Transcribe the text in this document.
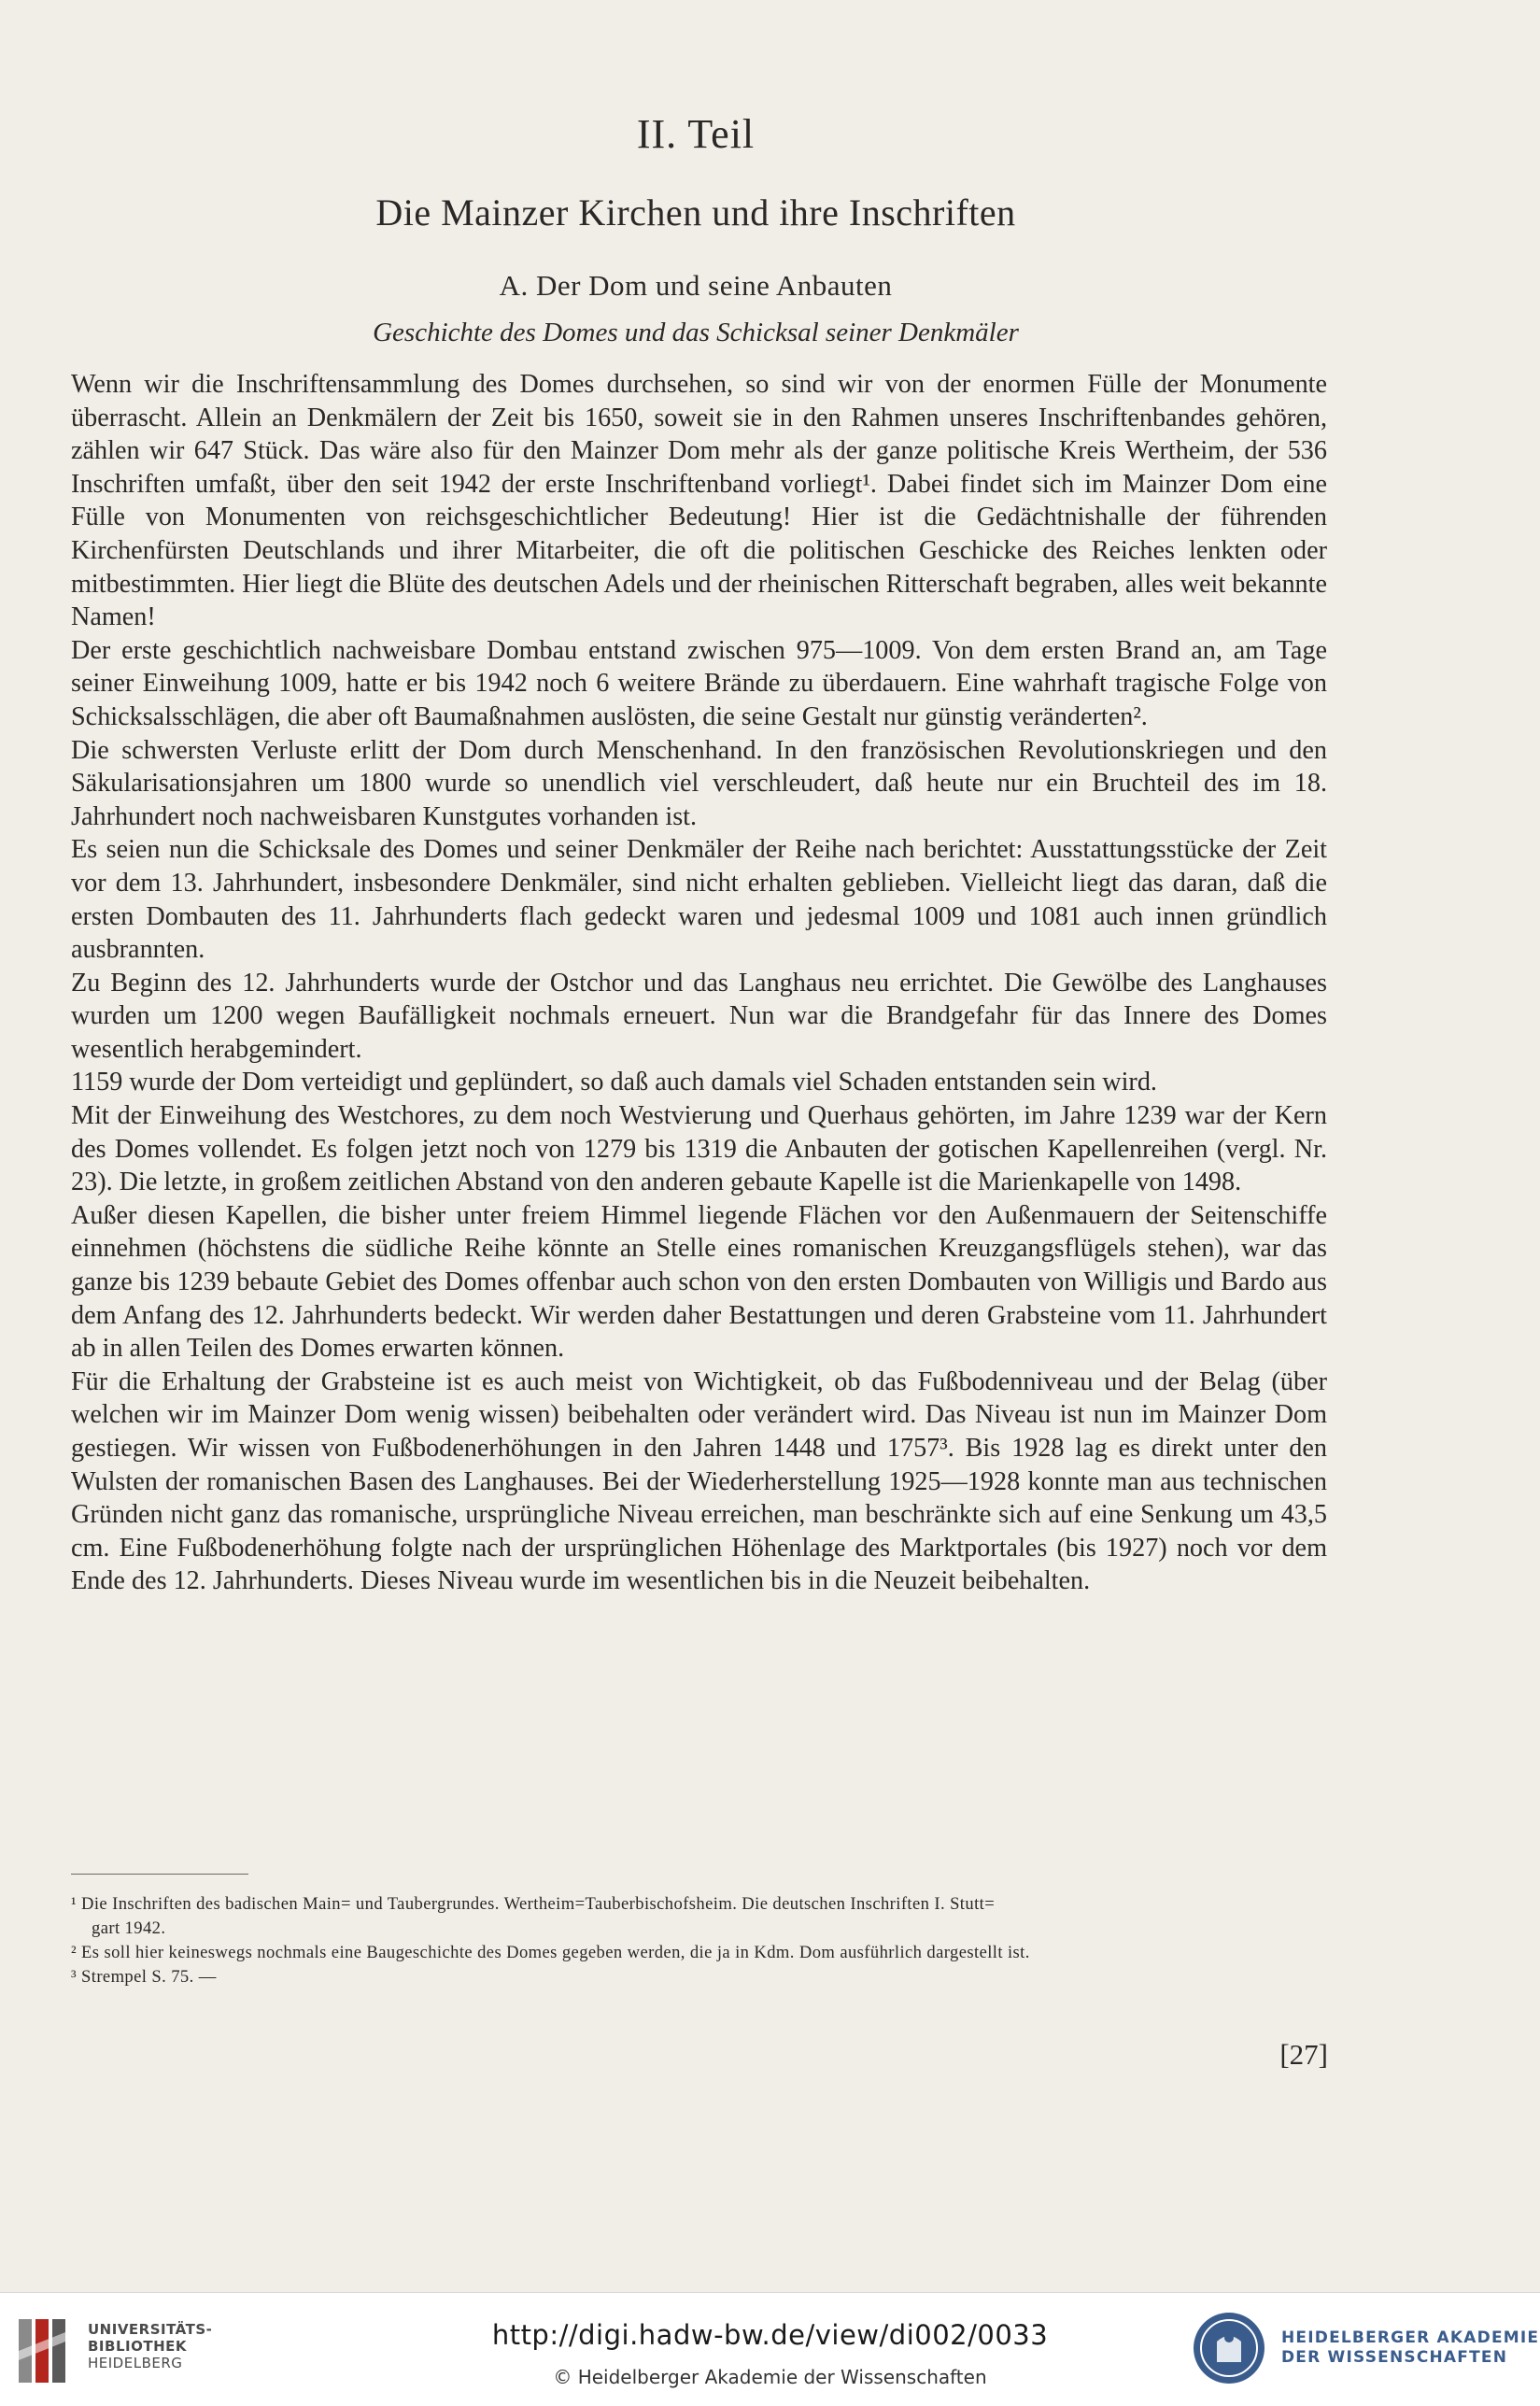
II. Teil
Die Mainzer Kirchen und ihre Inschriften
A. Der Dom und seine Anbauten
Geschichte des Domes und das Schicksal seiner Denkmäler

Wenn wir die Inschriftensammlung des Domes durchsehen, so sind wir von der enormen Fülle der Monumente überrascht. Allein an Denkmälern der Zeit bis 1650, soweit sie in den Rahmen unseres Inschriftenbandes gehören, zählen wir 647 Stück. Das wäre also für den Mainzer Dom mehr als der ganze politische Kreis Wertheim, der 536 Inschriften umfaßt, über den seit 1942 der erste Inschriftenband vorliegt¹. Dabei findet sich im Mainzer Dom eine Fülle von Monumenten von reichsgeschichtlicher Bedeutung! Hier ist die Gedächtnishalle der führenden Kirchenfürsten Deutschlands und ihrer Mitarbeiter, die oft die politischen Geschicke des Reiches lenkten oder mitbestimmten. Hier liegt die Blüte des deutschen Adels und der rheinischen Ritterschaft begraben, alles weit bekannte Namen!

Der erste geschichtlich nachweisbare Dombau entstand zwischen 975—1009. Von dem ersten Brand an, am Tage seiner Einweihung 1009, hatte er bis 1942 noch 6 weitere Brände zu überdauern. Eine wahrhaft tragische Folge von Schicksalsschlägen, die aber oft Baumaßnahmen auslösten, die seine Gestalt nur günstig veränderten².

Die schwersten Verluste erlitt der Dom durch Menschenhand. In den französischen Revolutionskriegen und den Säkularisationsjahren um 1800 wurde so unendlich viel verschleudert, daß heute nur ein Bruchteil des im 18. Jahrhundert noch nachweisbaren Kunstgutes vorhanden ist.

Es seien nun die Schicksale des Domes und seiner Denkmäler der Reihe nach berichtet: Ausstattungsstücke der Zeit vor dem 13. Jahrhundert, insbesondere Denkmäler, sind nicht erhalten geblieben. Vielleicht liegt das daran, daß die ersten Dombauten des 11. Jahrhunderts flach gedeckt waren und jedesmal 1009 und 1081 auch innen gründlich ausbrannten.

Zu Beginn des 12. Jahrhunderts wurde der Ostchor und das Langhaus neu errichtet. Die Gewölbe des Langhauses wurden um 1200 wegen Baufälligkeit nochmals erneuert. Nun war die Brandgefahr für das Innere des Domes wesentlich herabgemindert.

1159 wurde der Dom verteidigt und geplündert, so daß auch damals viel Schaden entstanden sein wird.

Mit der Einweihung des Westchores, zu dem noch Westvierung und Querhaus gehörten, im Jahre 1239 war der Kern des Domes vollendet. Es folgen jetzt noch von 1279 bis 1319 die Anbauten der gotischen Kapellenreihen (vergl. Nr. 23). Die letzte, in großem zeitlichen Abstand von den anderen gebaute Kapelle ist die Marienkapelle von 1498.

Außer diesen Kapellen, die bisher unter freiem Himmel liegende Flächen vor den Außenmauern der Seitenschiffe einnehmen (höchstens die südliche Reihe könnte an Stelle eines romanischen Kreuzgangsflügels stehen), war das ganze bis 1239 bebaute Gebiet des Domes offenbar auch schon von den ersten Dombauten von Willigis und Bardo aus dem Anfang des 12. Jahrhunderts bedeckt. Wir werden daher Bestattungen und deren Grabsteine vom 11. Jahrhundert ab in allen Teilen des Domes erwarten können.

Für die Erhaltung der Grabsteine ist es auch meist von Wichtigkeit, ob das Fußbodenniveau und der Belag (über welchen wir im Mainzer Dom wenig wissen) beibehalten oder verändert wird. Das Niveau ist nun im Mainzer Dom gestiegen. Wir wissen von Fußbodenerhöhungen in den Jahren 1448 und 1757³. Bis 1928 lag es direkt unter den Wulsten der romanischen Basen des Langhauses. Bei der Wiederherstellung 1925—1928 konnte man aus technischen Gründen nicht ganz das romanische, ursprüngliche Niveau erreichen, man beschränkte sich auf eine Senkung um 43,5 cm. Eine Fußbodenerhöhung folgte nach der ursprünglichen Höhenlage des Marktportales (bis 1927) noch vor dem Ende des 12. Jahrhunderts. Dieses Niveau wurde im wesentlichen bis in die Neuzeit beibehalten.

¹ Die Inschriften des badischen Main= und Taubergrundes. Wertheim=Tauberbischofsheim. Die deutschen Inschriften I. Stutt=

gart 1942.

² Es soll hier keineswegs nochmals eine Baugeschichte des Domes gegeben werden, die ja in Kdm. Dom ausführlich dargestellt ist.

³ Strempel S. 75. —

[27]
UNIVERSITÄTS-
BIBLIOTHEK
HEIDELBERG
http://digi.hadw-bw.de/view/di002/0033
© Heidelberger Akademie der Wissenschaften
HEIDELBERGER AKADEMIE
DER WISSENSCHAFTEN
